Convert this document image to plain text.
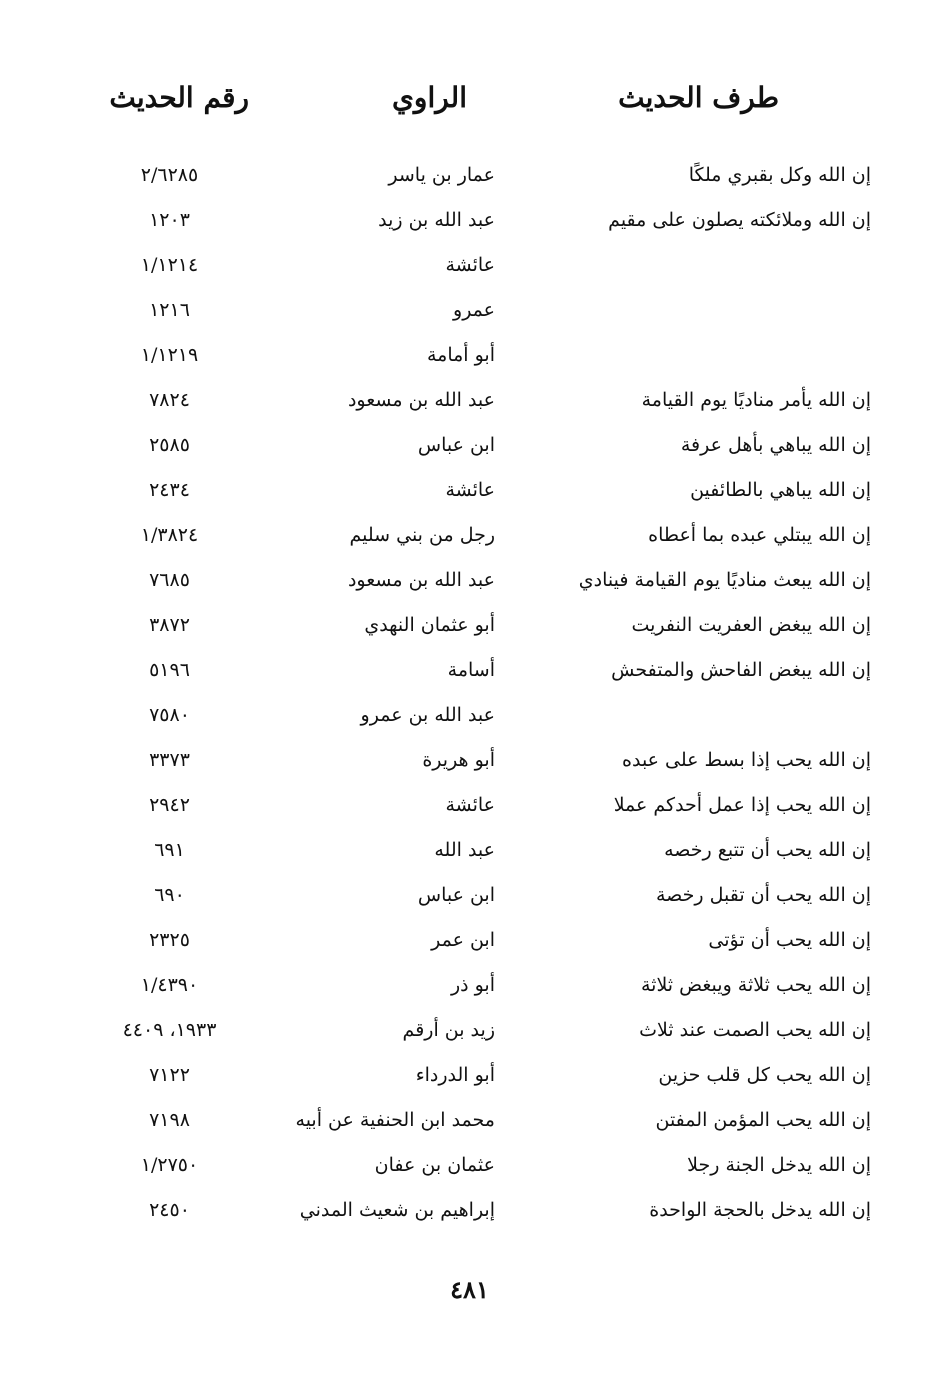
طرف الحديث
الراوي
رقم الحديث
إن الله وكل بقبري ملكًا
عمار بن ياسر
٢/٦٢٨٥
إن الله وملائكته يصلون على مقيم
عبد الله بن زيد
١٢٠٣
عائشة
١/١٢١٤
عمرو
١٢١٦
أبو أمامة
١/١٢١٩
إن الله يأمر مناديًا يوم القيامة
عبد الله بن مسعود
٧٨٢٤
إن الله يباهي بأهل عرفة
ابن عباس
٢٥٨٥
إن الله يباهي بالطائفين
عائشة
٢٤٣٤
إن الله يبتلي عبده بما أعطاه
رجل من بني سليم
١/٣٨٢٤
إن الله يبعث مناديًا يوم القيامة فينادي
عبد الله بن مسعود
٧٦٨٥
إن الله يبغض العفريت النفريت
أبو عثمان النهدي
٣٨٧٢
إن الله يبغض الفاحش والمتفحش
أسامة
٥١٩٦
عبد الله بن عمرو
٧٥٨٠
إن الله يحب إذا بسط على عبده
أبو هريرة
٣٣٧٣
إن الله يحب إذا عمل أحدكم عملا
عائشة
٢٩٤٢
إن الله يحب أن تتبع رخصه
عبد الله
٦٩١
إن الله يحب أن تقبل رخصة
ابن عباس
٦٩٠
إن الله يحب أن تؤتى
ابن عمر
٢٣٢٥
إن الله يحب ثلاثة ويبغض ثلاثة
أبو ذر
١/٤٣٩٠
إن الله يحب الصمت عند ثلاث
زيد بن أرقم
١٩٣٣، ٤٤٠٩
إن الله يحب كل قلب حزين
أبو الدرداء
٧١٢٢
إن الله يحب المؤمن المفتن
محمد ابن الحنفية عن أبيه
٧١٩٨
إن الله يدخل الجنة رجلا
عثمان بن عفان
١/٢٧٥٠
إن الله يدخل بالحجة الواحدة
إبراهيم بن شعيث المدني
٢٤٥٠
٤٨١
